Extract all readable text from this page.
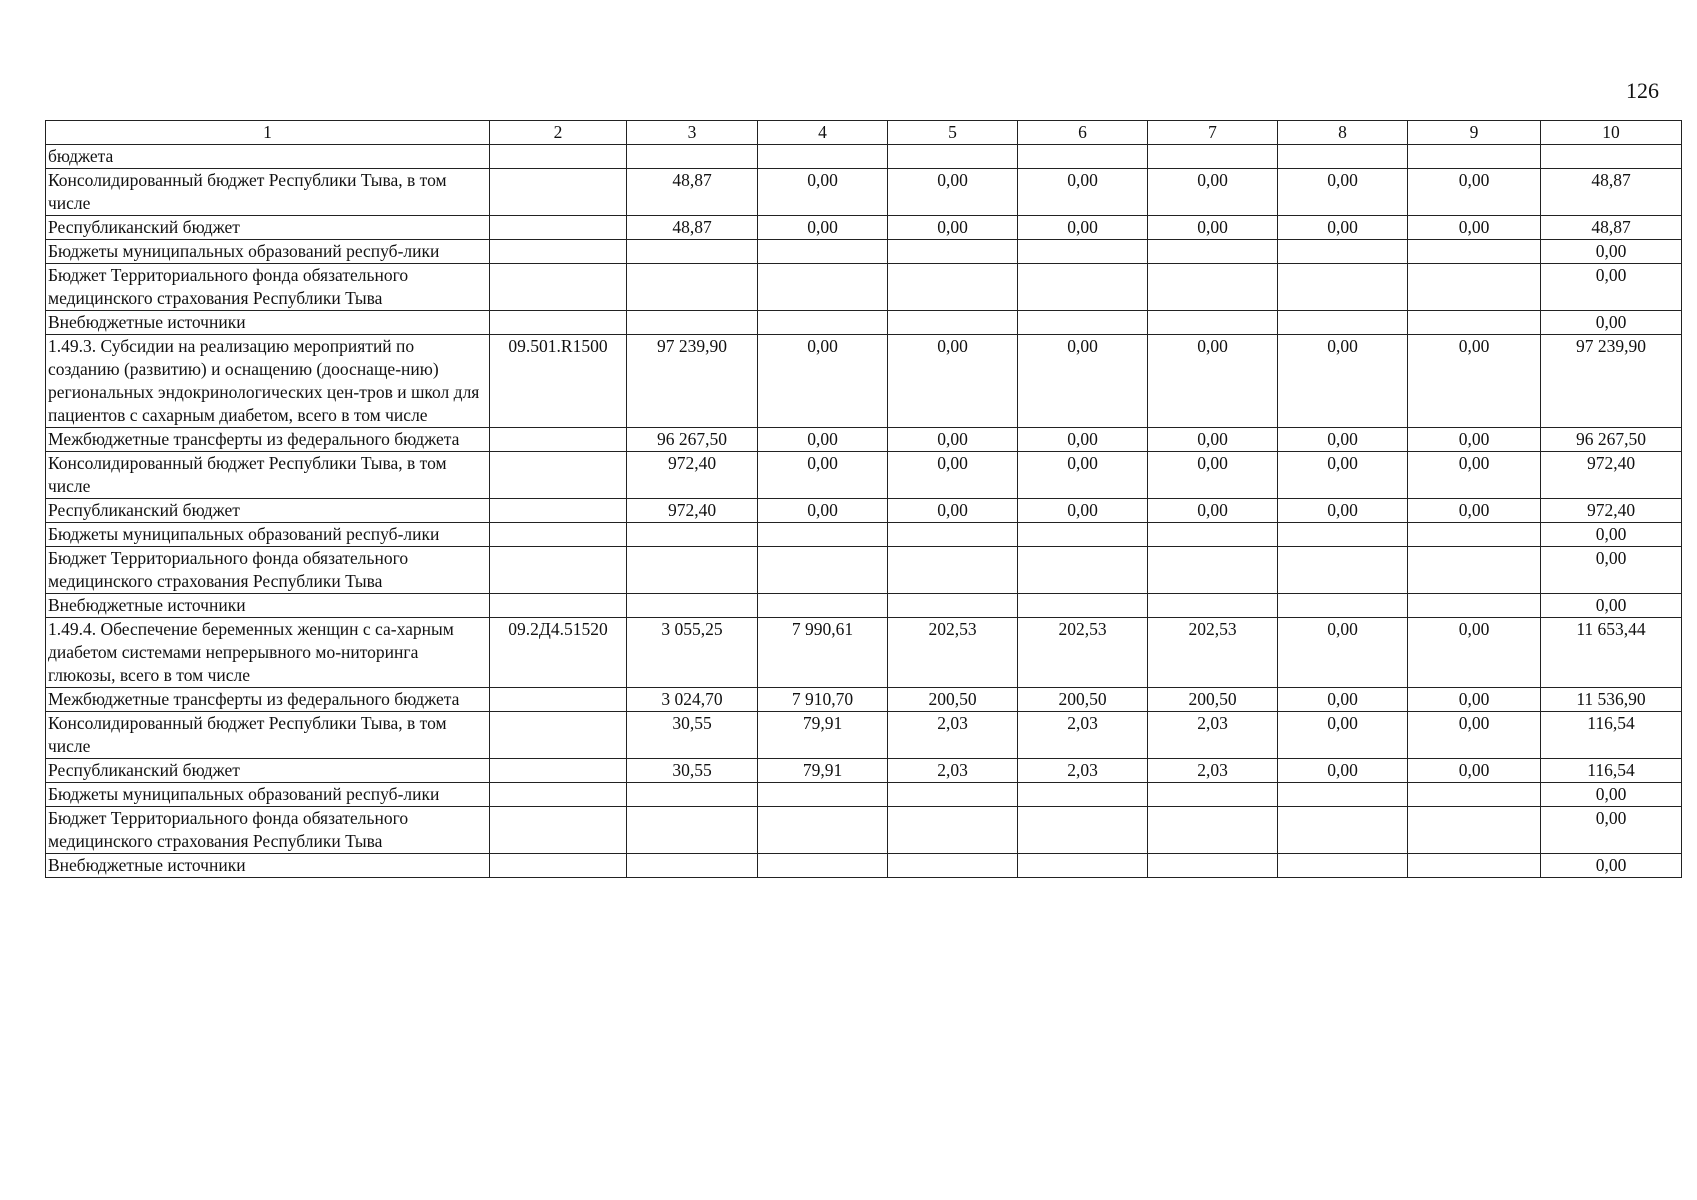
126
1	2	3	4	5	6	7	8	9	10
бюджета									
Консолидированный бюджет Республики Тыва, в том числе		48,87	0,00	0,00	0,00	0,00	0,00	0,00	48,87
Республиканский бюджет		48,87	0,00	0,00	0,00	0,00	0,00	0,00	48,87
Бюджеты муниципальных образований респуб-лики									0,00
Бюджет Территориального фонда обязательного медицинского страхования Республики Тыва									0,00
Внебюджетные источники									0,00
1.49.3. Субсидии на реализацию мероприятий по созданию (развитию) и оснащению (дооснаще-нию) региональных эндокринологических цен-тров и школ для пациентов с сахарным диабетом, всего в том числе	09.501.R1500	97 239,90	0,00	0,00	0,00	0,00	0,00	0,00	97 239,90
Межбюджетные трансферты из федерального бюджета		96 267,50	0,00	0,00	0,00	0,00	0,00	0,00	96 267,50
Консолидированный бюджет Республики Тыва, в том числе		972,40	0,00	0,00	0,00	0,00	0,00	0,00	972,40
Республиканский бюджет		972,40	0,00	0,00	0,00	0,00	0,00	0,00	972,40
Бюджеты муниципальных образований респуб-лики									0,00
Бюджет Территориального фонда обязательного медицинского страхования Республики Тыва									0,00
Внебюджетные источники									0,00
1.49.4. Обеспечение беременных женщин с са-харным диабетом системами непрерывного мо-ниторинга глюкозы, всего в том числе	09.2Д4.51520	3 055,25	7 990,61	202,53	202,53	202,53	0,00	0,00	11 653,44
Межбюджетные трансферты из федерального бюджета		3 024,70	7 910,70	200,50	200,50	200,50	0,00	0,00	11 536,90
Консолидированный бюджет Республики Тыва, в том числе		30,55	79,91	2,03	2,03	2,03	0,00	0,00	116,54
Республиканский бюджет		30,55	79,91	2,03	2,03	2,03	0,00	0,00	116,54
Бюджеты муниципальных образований респуб-лики									0,00
Бюджет Территориального фонда обязательного медицинского страхования Республики Тыва									0,00
Внебюджетные источники									0,00
